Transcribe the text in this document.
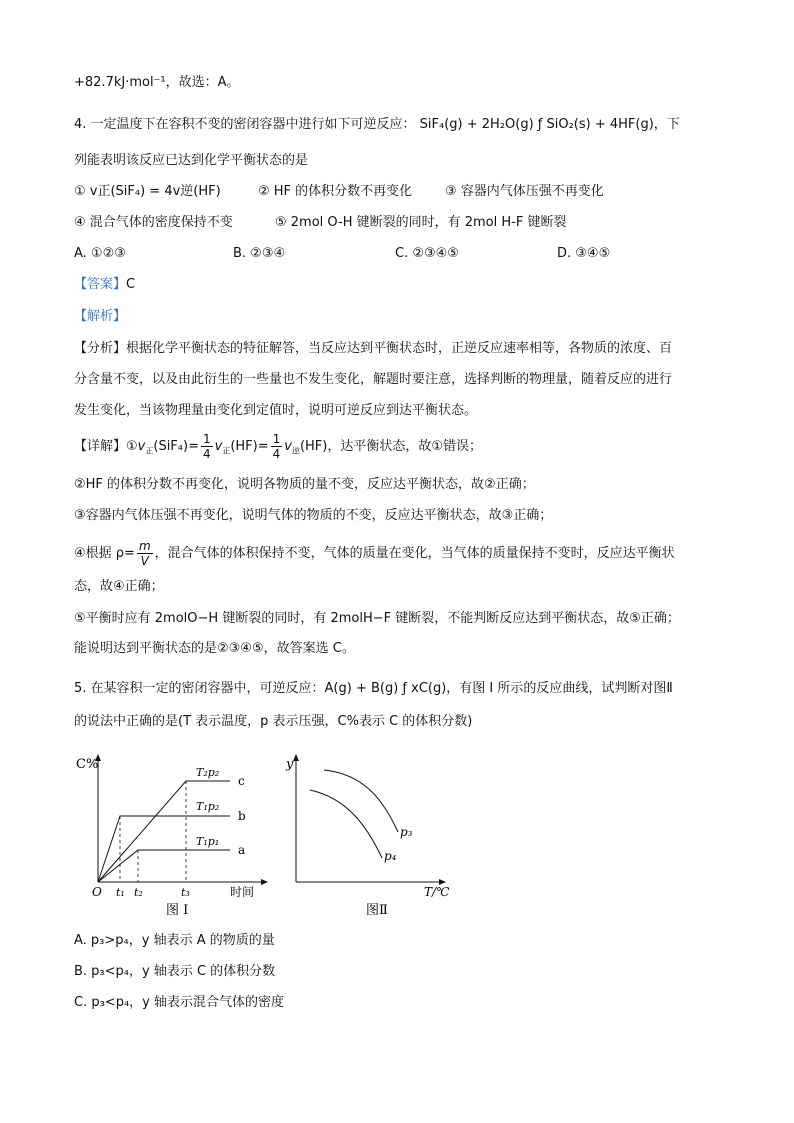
+82.7kJ·mol⁻¹，故选：A。
4. 一定温度下在容积不变的密闭容器中进行如下可逆反应： SiF₄(g) + 2H₂O(g) ƒ SiO₂(s) + 4HF(g)，下
列能表明该反应已达到化学平衡状态的是
① v正(SiF₄) = 4v逆(HF)	② HF 的体积分数不再变化	③ 容器内气体压强不再变化
④ 混合气体的密度保持不变	⑤ 2mol O-H 键断裂的同时，有 2mol H-F 键断裂
A. ①②③	B. ②③④	C. ②③④⑤	D. ③④⑤
【答案】C
【解析】
【分析】根据化学平衡状态的特征解答，当反应达到平衡状态时，正逆反应速率相等，各物质的浓度、百
分含量不变，以及由此衍生的一些量也不发生变化，解题时要注意，选择判断的物理量，随着反应的进行
发生变化，当该物理量由变化到定值时，说明可逆反应到达平衡状态。
【详解】$①v_正(SiF_4)= \frac{1}{4} v_正(HF)= \frac{1}{4} v_逆(HF)$，达平衡状态，故①错误；
②HF 的体积分数不再变化，说明各物质的量不变，反应达平衡状态，故②正确；
③容器内气体压强不再变化，说明气体的物质的不变，反应达平衡状态，故③正确；
④根据 $\rho= \frac{m}{V}$ ，混合气体的体积保持不变，气体的质量在变化，当气体的质量保持不变时，反应达平衡状
态，故④正确；
⑤平衡时应有 2molO−H 键断裂的同时，有 2molH−F 键断裂，不能判断反应达到平衡状态，故⑤正确；
能说明达到平衡状态的是②③④⑤，故答案选 C。
5. 在某容积一定的密闭容器中，可逆反应：A(g) + B(g) ƒ xC(g)，有图 I 所示的反应曲线，试判断对图Ⅱ
的说法中正确的是(T 表示温度，p 表示压强，C%表示 C 的体积分数)
C%
O t₁ t₂	t₃	时间
T₂p₂
T₁p₂
T₁p₁
c
b
a
图 I
y
p₃
p₄
T/℃
图Ⅱ
A. p₃>p₄，y 轴表示 A 的物质的量
B. p₃<p₄，y 轴表示 C 的体积分数
C. p₃<p₄，y 轴表示混合气体的密度
